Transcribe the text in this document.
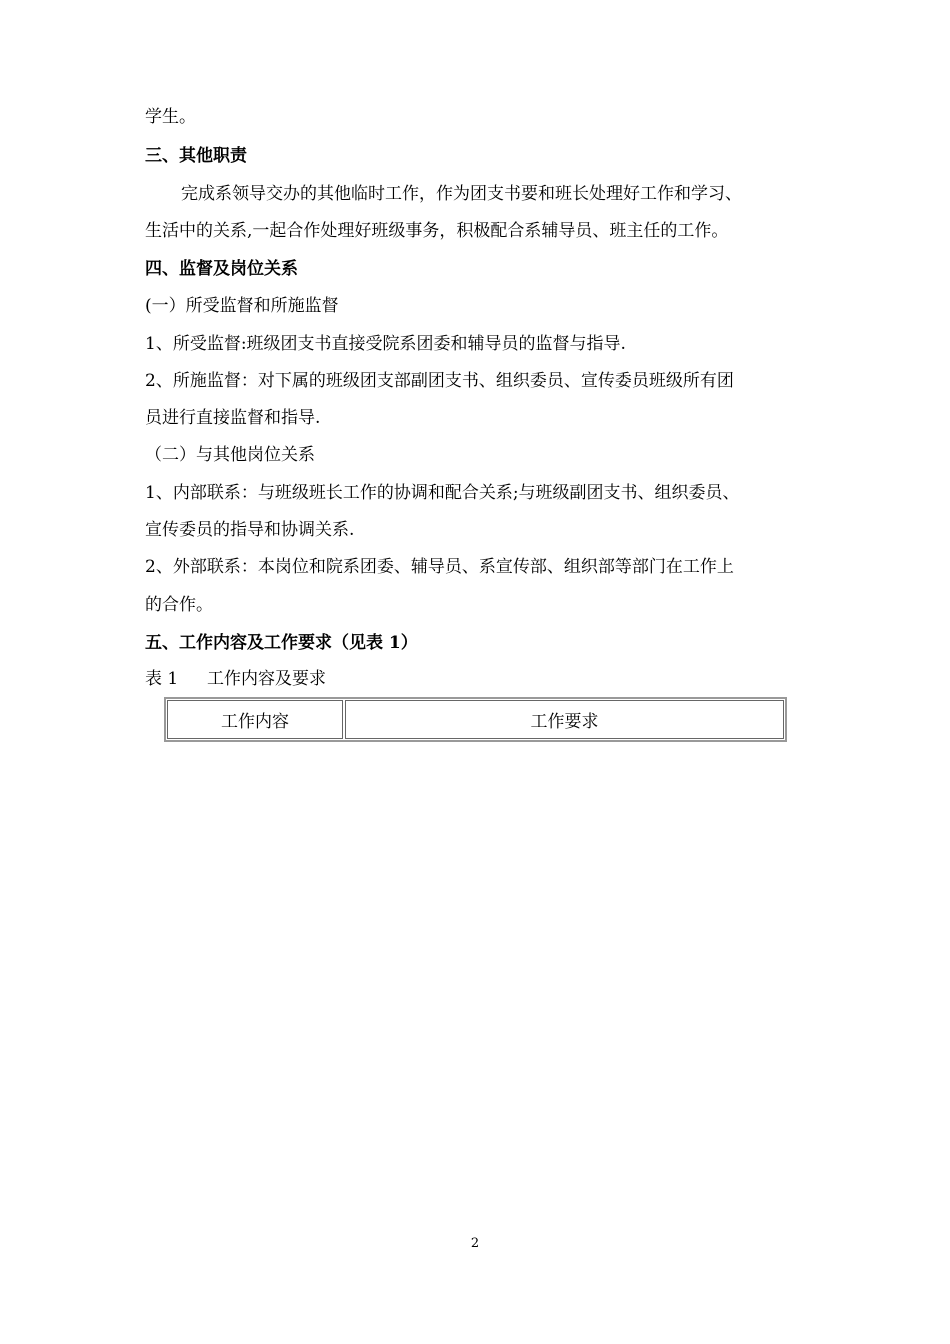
学生。
三、其他职责
完成系领导交办的其他临时工作，作为团支书要和班长处理好工作和学习、
生活中的关系,一起合作处理好班级事务，积极配合系辅导员、班主任的工作。
四、监督及岗位关系
(一）所受监督和所施监督
1、所受监督:班级团支书直接受院系团委和辅导员的监督与指导.
2、所施监督：对下属的班级团支部副团支书、组织委员、宣传委员班级所有团
员进行直接监督和指导.
（二）与其他岗位关系
1、内部联系：与班级班长工作的协调和配合关系;与班级副团支书、组织委员、
宣传委员的指导和协调关系.
2、外部联系：本岗位和院系团委、辅导员、系宣传部、组织部等部门在工作上
的合作。
五、工作内容及工作要求（见表 1）
表 1 工作内容及要求
工作内容	工作要求
2
